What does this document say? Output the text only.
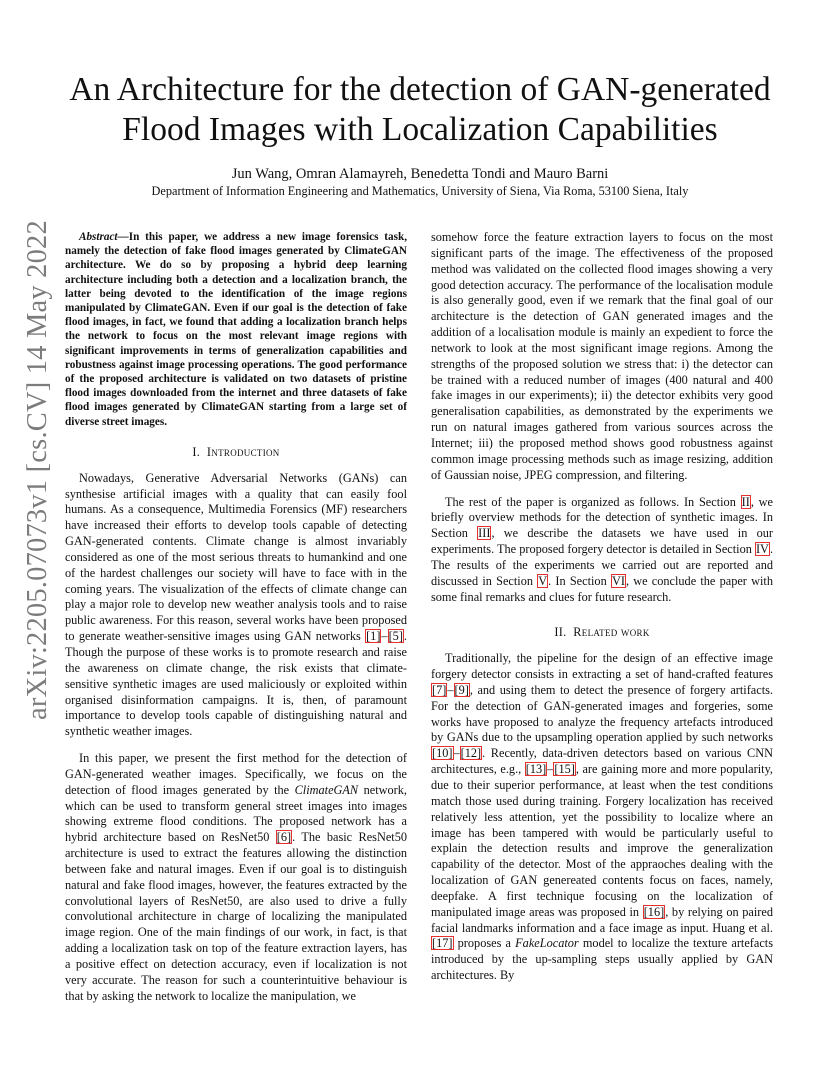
arXiv:2205.07073v1 [cs.CV] 14 May 2022
An Architecture for the detection of GAN-generated
Flood Images with Localization Capabilities
Jun Wang, Omran Alamayreh, Benedetta Tondi and Mauro Barni
Department of Information Engineering and Mathematics, University of Siena, Via Roma, 53100 Siena, Italy
Abstract—In this paper, we address a new image forensics task, namely the detection of fake flood images generated by ClimateGAN architecture. We do so by proposing a hybrid deep learning architecture including both a detection and a localization branch, the latter being devoted to the identification of the image regions manipulated by ClimateGAN. Even if our goal is the detection of fake flood images, in fact, we found that adding a localization branch helps the network to focus on the most relevant image regions with significant improvements in terms of generalization capabilities and robustness against image processing operations. The good performance of the proposed architecture is validated on two datasets of pristine flood images downloaded from the internet and three datasets of fake flood images generated by ClimateGAN starting from a large set of diverse street images.
I. Introduction

Nowadays, Generative Adversarial Networks (GANs) can synthesise artificial images with a quality that can easily fool humans. As a consequence, Multimedia Forensics (MF) researchers have increased their efforts to develop tools capable of detecting GAN-generated contents. Climate change is almost invariably considered as one of the most serious threats to humankind and one of the hardest challenges our society will have to face with in the coming years. The visualization of the effects of climate change can play a major role to develop new weather analysis tools and to raise public awareness. For this reason, several works have been proposed to generate weather-sensitive images using GAN networks [1]–[5]. Though the purpose of these works is to promote research and raise the awareness on climate change, the risk exists that climate-sensitive synthetic images are used maliciously or exploited within organised disinformation campaigns. It is, then, of paramount importance to develop tools capable of distinguishing natural and synthetic weather images.

In this paper, we present the first method for the detection of GAN-generated weather images. Specifically, we focus on the detection of flood images generated by the ClimateGAN network, which can be used to transform general street images into images showing extreme flood conditions. The proposed network has a hybrid architecture based on ResNet50 [6]. The basic ResNet50 architecture is used to extract the features allowing the distinction between fake and natural images. Even if our goal is to distinguish natural and fake flood images, however, the features extracted by the convolutional layers of ResNet50, are also used to drive a fully convolutional architecture in charge of localizing the manipulated image region. One of the main findings of our work, in fact, is that adding a localization task on top of the feature extraction layers, has a positive effect on detection accuracy, even if localization is not very accurate. The reason for such a counterintuitive behaviour is that by asking the network to localize the manipulation, we

somehow force the feature extraction layers to focus on the most significant parts of the image. The effectiveness of the proposed method was validated on the collected flood images showing a very good detection accuracy. The performance of the localisation module is also generally good, even if we remark that the final goal of our architecture is the detection of GAN generated images and the addition of a localisation module is mainly an expedient to force the network to look at the most significant image regions. Among the strengths of the proposed solution we stress that: i) the detector can be trained with a reduced number of images (400 natural and 400 fake images in our experiments); ii) the detector exhibits very good generalisation capabilities, as demonstrated by the experiments we run on natural images gathered from various sources across the Internet; iii) the proposed method shows good robustness against common image processing methods such as image resizing, addition of Gaussian noise, JPEG compression, and filtering.

The rest of the paper is organized as follows. In Section II, we briefly overview methods for the detection of synthetic images. In Section III, we describe the datasets we have used in our experiments. The proposed forgery detector is detailed in Section IV. The results of the experiments we carried out are reported and discussed in Section V. In Section VI, we conclude the paper with some final remarks and clues for future research.

II. Related work

Traditionally, the pipeline for the design of an effective image forgery detector consists in extracting a set of hand-crafted features [7]–[9], and using them to detect the presence of forgery artifacts. For the detection of GAN-generated images and forgeries, some works have proposed to analyze the frequency artefacts introduced by GANs due to the upsampling operation applied by such networks [10]–[12]. Recently, data-driven detectors based on various CNN architectures, e.g., [13]–[15], are gaining more and more popularity, due to their superior performance, at least when the test conditions match those used during training. Forgery localization has received relatively less attention, yet the possibility to localize where an image has been tampered with would be particularly useful to explain the detection results and improve the generalization capability of the detector. Most of the appraoches dealing with the localization of GAN genereated contents focus on faces, namely, deepfake. A first technique focusing on the localization of manipulated image areas was proposed in [16], by relying on paired facial landmarks information and a face image as input. Huang et al. [17] proposes a FakeLocator model to localize the texture artefacts introduced by the up-sampling steps usually applied by GAN architectures. By
